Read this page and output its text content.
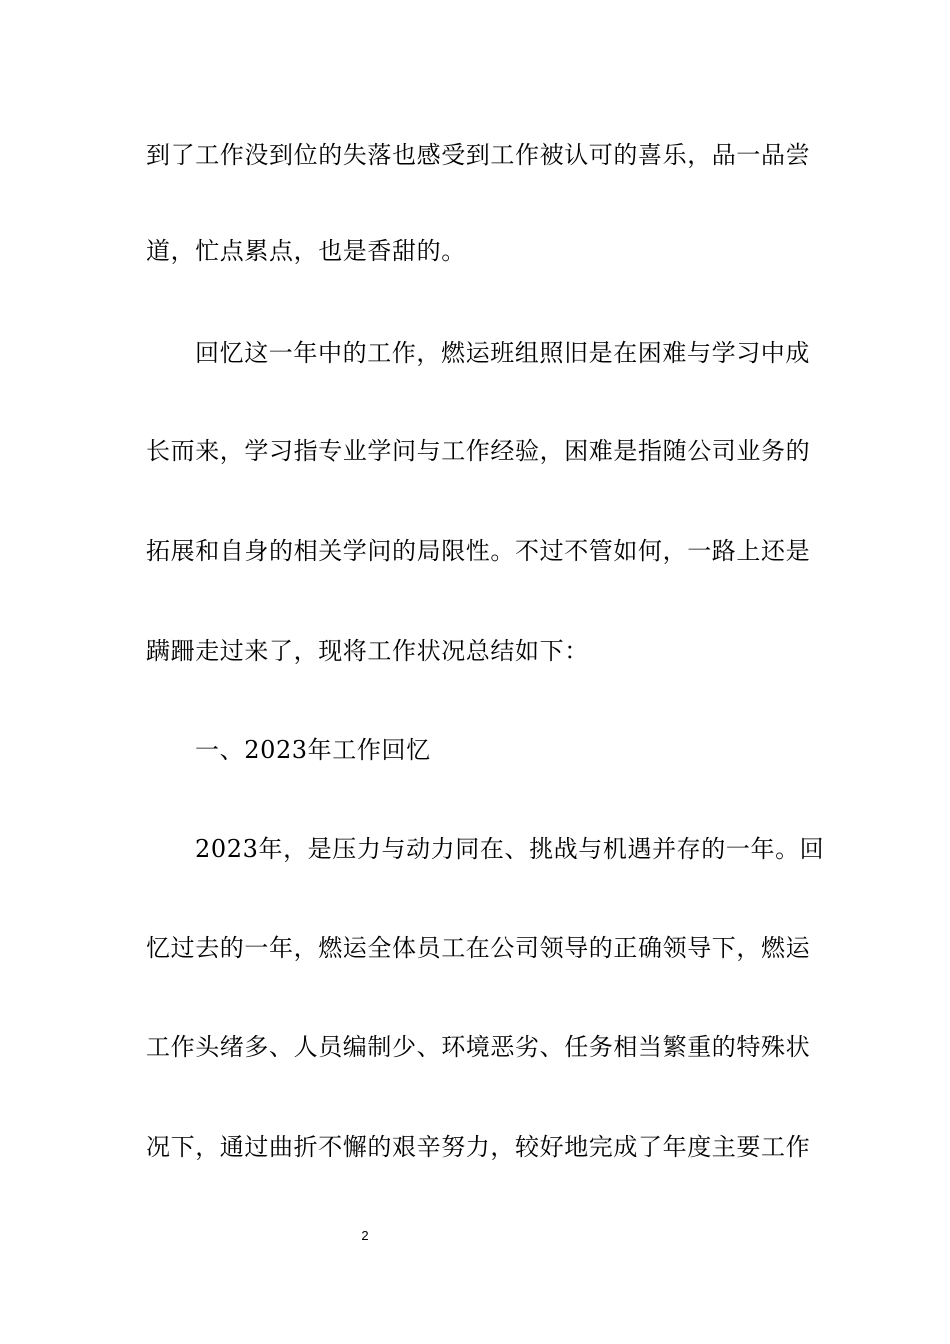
到了工作没到位的失落也感受到工作被认可的喜乐，品一品尝
道，忙点累点，也是香甜的。
回忆这一年中的工作，燃运班组照旧是在困难与学习中成
长而来，学习指专业学问与工作经验，困难是指随公司业务的
拓展和自身的相关学问的局限性。不过不管如何，一路上还是
蹒跚走过来了，现将工作状况总结如下：
一、2023年工作回忆
2023年，是压力与动力同在、挑战与机遇并存的一年。回
忆过去的一年，燃运全体员工在公司领导的正确领导下，燃运
工作头绪多、人员编制少、环境恶劣、任务相当繁重的特殊状
况下，通过曲折不懈的艰辛努力，较好地完成了年度主要工作
2
